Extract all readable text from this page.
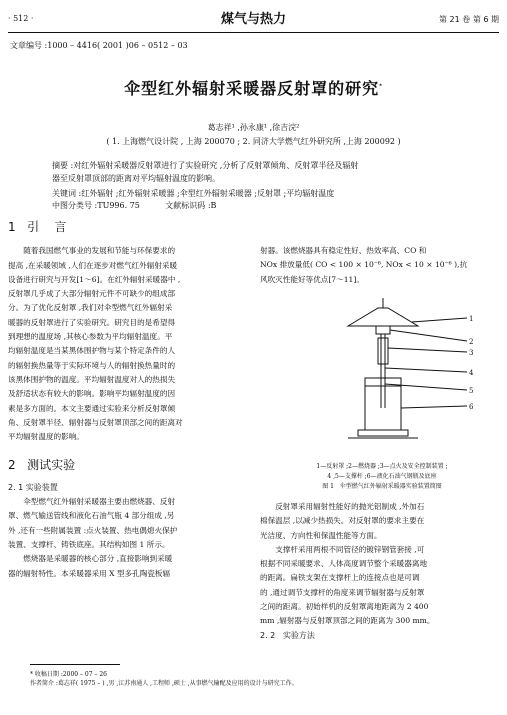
· 512 ·	煤气与热力	第 21 卷 第 6 期
文章编号 :1000 – 4416( 2001 )06 – 0512 – 03
伞型红外辐射采暖器反射罩的研究*
葛志祥¹ ,孙永康¹ ,徐吉浣²
( 1. 上海燃气设计院 , 上海 200070 ; 2. 同济大学燃气红外研究所 ,上海 200092 )

摘要 :对红外辐射采暖器反射罩进行了实验研究 ,分析了反射罩倾角、反射罩半径及辐射

器至反射罩顶部的距离对平均辐射温度的影响。

关键词 :红外辐射 ;红外辐射采暖器 ;伞型红外辐射采暖器 ;反射罩 ;平均辐射温度

中图分类号 :TU996. 75          文献标识码 :B

1 引    言

随着我国燃气事业的发展和节能与环保要求的

提高 ,在采暖领域 ,人们在逐步对燃气红外辐射采暖
设备进行研究与开发[1～6]。在红外辐射采暖器中 ,
反射罩几乎成了大部分辐射元件不可缺少的组成部
分。为了优化反射罩 ,我们对伞型燃气红外辐射采
暖器的反射罩进行了实验研究。研究目的是希望得
到理想的温度场 ,其核心参数为平均辐射温度。平
均辐射温度是当某黑体围护物与某个特定条件的人
的辐射换热量等于实际环境与人的辐射换热量时的
该黑体围护物的温度。平均辐射温度对人的热损失
及舒适状态有较大的影响。影响平均辐射温度的因
素是多方面的。本文主要通过实验来分析反射罩倾
角、反射罩半径、辐射器与反射罩顶部之间的距离对
平均辐射温度的影响。
2 测试实验
2. 1 实验装置

伞型燃气红外辐射采暖器主要由燃烧器、反射

罩、燃气输送管线和液化石油气瓶 4 部分组成 ,另
外 ,还有一些附属装置 :点火装置、热电偶熄火保护
装置、支撑杆、铸铁底座。其结构如图 1 所示。

燃烧器是采暖器的核心部分 ,直接影响到采暖

器的辐射特性。本采暖器采用 X 型多孔陶瓷板辐
射器。该燃烧器具有稳定性好、热效率高、CO 和
NOx 排放量低( CO < 100 × 10⁻⁶, NOx < 10 × 10⁻⁶ ),抗
风吹灭性能好等优点[7～11]。
1
2
3
4
5
6
1—反射罩 ;2—燃烧器 ;3—点火及安全控制装置 ;
4 ,5—支撑杆 ;6—液化石油气钢瓶及底座
图 1   伞型燃气红外辐射采暖器实验装置简图

反射罩采用辐射性能好的抛光铝制成 ,外加石

棉保温层 ,以减少热损失。对反射罩的要求主要在
光洁度、方向性和保温性能等方面。

支撑杆采用两根不同管径的镀锌钢管套接 ,可

根据不同采暖要求、人体高度调节整个采暖器离地
的距离。扁铁支架在支撑杆上的连接点也是可调
的 ,通过调节支撑杆的角度来调节辐射器与反射罩
之间的距离。初始样机的反射罩离地距离为 2 400
mm ,辐射器与反射罩顶部之间的距离为 300 mm。
2. 2   实验方法
* 收稿日期 :2000 – 07 – 26
作者简介 :葛志祥( 1975 – ) ,男 ,江苏南通人 ,工程师 ,硕士 ,从事燃气输配及应用的设计与研究工作。
